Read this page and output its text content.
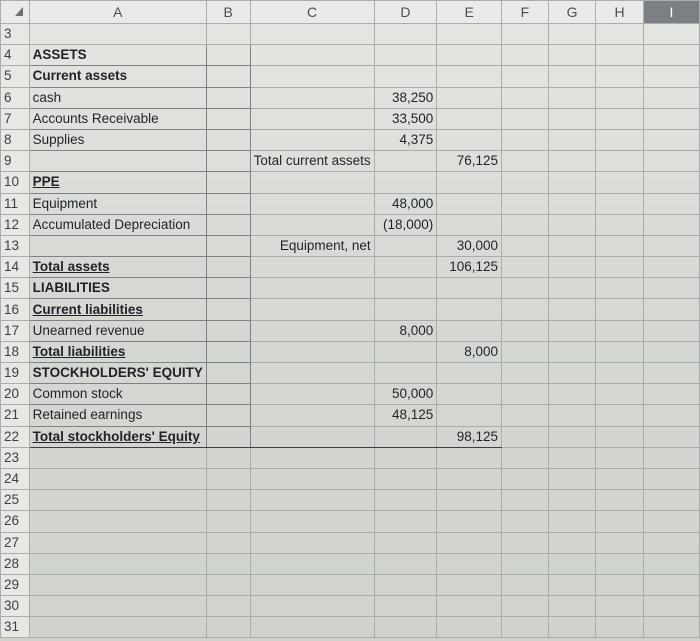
	A	B	C	D	E	F	G	H	I
3									
4	ASSETS								
5	Current assets								
6	cash			38,250					
7	Accounts Receivable			33,500					
8	Supplies			4,375					
9			Total current assets		76,125				
10	PPE								
11	Equipment			48,000					
12	Accumulated Depreciation			(18,000)					
13			Equipment, net		30,000				
14	Total assets				106,125				
15	LIABILITIES								
16	Current liabilities								
17	Unearned revenue			8,000					
18	Total liabilities				8,000				
19	STOCKHOLDERS' EQUITY								
20	Common stock			50,000					
21	Retained earnings			48,125					
22	Total stockholders' Equity				98,125				
23									
24									
25									
26									
27									
28									
29									
30									
31									
